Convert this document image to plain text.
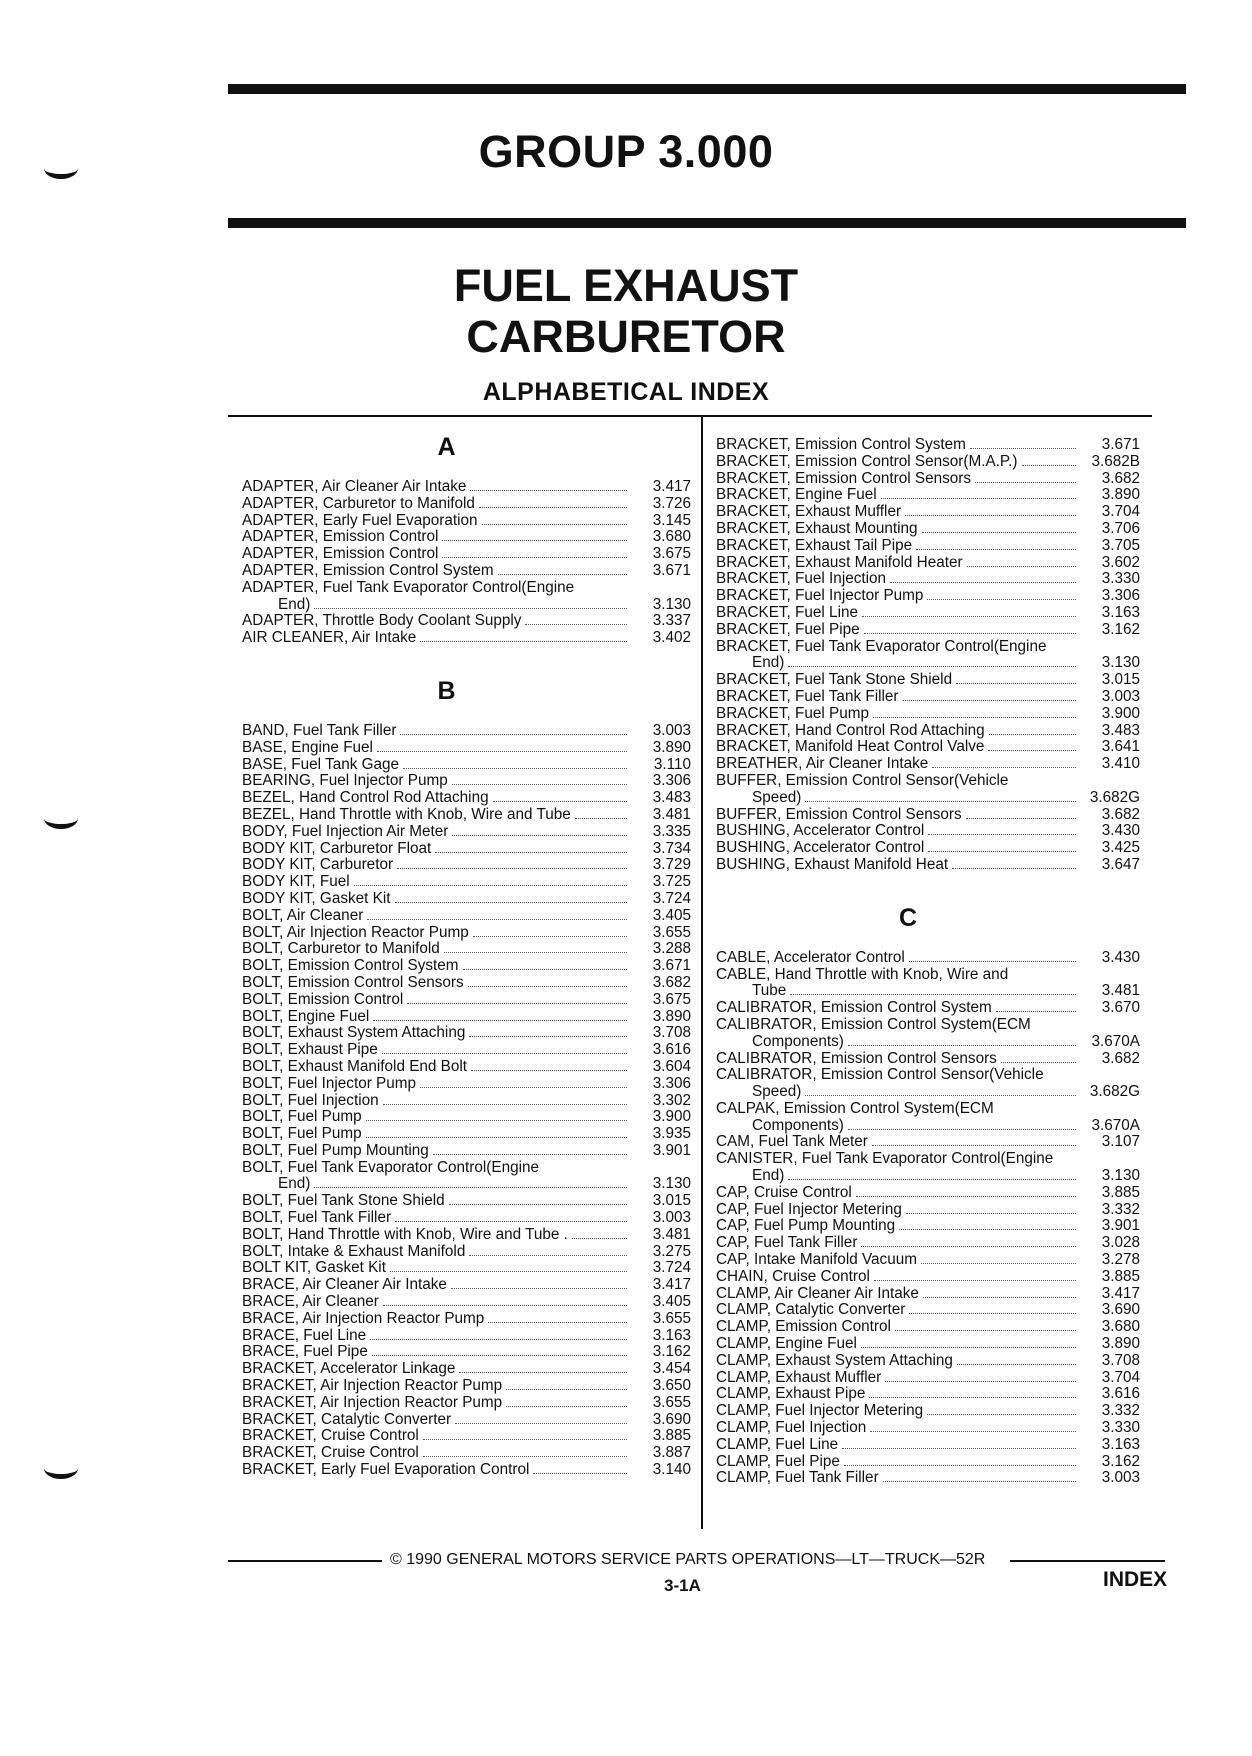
GROUP 3.000
FUEL EXHAUST
CARBURETOR
ALPHABETICAL INDEX
A
ADAPTER, Air Cleaner Air Intake	3.417
ADAPTER, Carburetor to Manifold	3.726
ADAPTER, Early Fuel Evaporation	3.145
ADAPTER, Emission Control	3.680
ADAPTER, Emission Control	3.675
ADAPTER, Emission Control System	3.671
ADAPTER, Fuel Tank Evaporator Control(Engine
End)	3.130
ADAPTER, Throttle Body Coolant Supply	3.337
AIR CLEANER, Air Intake	3.402
B
BAND, Fuel Tank Filler	3.003
BASE, Engine Fuel	3.890
BASE, Fuel Tank Gage	3.110
BEARING, Fuel Injector Pump	3.306
BEZEL, Hand Control Rod Attaching	3.483
BEZEL, Hand Throttle with Knob, Wire and Tube	3.481
BODY, Fuel Injection Air Meter	3.335
BODY KIT, Carburetor Float	3.734
BODY KIT, Carburetor	3.729
BODY KIT, Fuel	3.725
BODY KIT, Gasket Kit	3.724
BOLT, Air Cleaner	3.405
BOLT, Air Injection Reactor Pump	3.655
BOLT, Carburetor to Manifold	3.288
BOLT, Emission Control System	3.671
BOLT, Emission Control Sensors	3.682
BOLT, Emission Control	3.675
BOLT, Engine Fuel	3.890
BOLT, Exhaust System Attaching	3.708
BOLT, Exhaust Pipe	3.616
BOLT, Exhaust Manifold End Bolt	3.604
BOLT, Fuel Injector Pump	3.306
BOLT, Fuel Injection	3.302
BOLT, Fuel Pump	3.900
BOLT, Fuel Pump	3.935
BOLT, Fuel Pump Mounting	3.901
BOLT, Fuel Tank Evaporator Control(Engine
End)	3.130
BOLT, Fuel Tank Stone Shield	3.015
BOLT, Fuel Tank Filler	3.003
BOLT, Hand Throttle with Knob, Wire and Tube .	3.481
BOLT, Intake & Exhaust Manifold	3.275
BOLT KIT, Gasket Kit	3.724
BRACE, Air Cleaner Air Intake	3.417
BRACE, Air Cleaner	3.405
BRACE, Air Injection Reactor Pump	3.655
BRACE, Fuel Line	3.163
BRACE, Fuel Pipe	3.162
BRACKET, Accelerator Linkage	3.454
BRACKET, Air Injection Reactor Pump	3.650
BRACKET, Air Injection Reactor Pump	3.655
BRACKET, Catalytic Converter	3.690
BRACKET, Cruise Control	3.885
BRACKET, Cruise Control	3.887
BRACKET, Early Fuel Evaporation Control	3.140
BRACKET, Emission Control System	3.671
BRACKET, Emission Control Sensor(M.A.P.)	3.682B
BRACKET, Emission Control Sensors	3.682
BRACKET, Engine Fuel	3.890
BRACKET, Exhaust Muffler	3.704
BRACKET, Exhaust Mounting	3.706
BRACKET, Exhaust Tail Pipe	3.705
BRACKET, Exhaust Manifold Heater	3.602
BRACKET, Fuel Injection	3.330
BRACKET, Fuel Injector Pump	3.306
BRACKET, Fuel Line	3.163
BRACKET, Fuel Pipe	3.162
BRACKET, Fuel Tank Evaporator Control(Engine
End)	3.130
BRACKET, Fuel Tank Stone Shield	3.015
BRACKET, Fuel Tank Filler	3.003
BRACKET, Fuel Pump	3.900
BRACKET, Hand Control Rod Attaching	3.483
BRACKET, Manifold Heat Control Valve	3.641
BREATHER, Air Cleaner Intake	3.410
BUFFER, Emission Control Sensor(Vehicle
Speed)	3.682G
BUFFER, Emission Control Sensors	3.682
BUSHING, Accelerator Control	3.430
BUSHING, Accelerator Control	3.425
BUSHING, Exhaust Manifold Heat	3.647
C
CABLE, Accelerator Control	3.430
CABLE, Hand Throttle with Knob, Wire and
Tube	3.481
CALIBRATOR, Emission Control System	3.670
CALIBRATOR, Emission Control System(ECM
Components)	3.670A
CALIBRATOR, Emission Control Sensors	3.682
CALIBRATOR, Emission Control Sensor(Vehicle
Speed)	3.682G
CALPAK, Emission Control System(ECM
Components)	3.670A
CAM, Fuel Tank Meter	3.107
CANISTER, Fuel Tank Evaporator Control(Engine
End)	3.130
CAP, Cruise Control	3.885
CAP, Fuel Injector Metering	3.332
CAP, Fuel Pump Mounting	3.901
CAP, Fuel Tank Filler	3.028
CAP, Intake Manifold Vacuum	3.278
CHAIN, Cruise Control	3.885
CLAMP, Air Cleaner Air Intake	3.417
CLAMP, Catalytic Converter	3.690
CLAMP, Emission Control	3.680
CLAMP, Engine Fuel	3.890
CLAMP, Exhaust System Attaching	3.708
CLAMP, Exhaust Muffler	3.704
CLAMP, Exhaust Pipe	3.616
CLAMP, Fuel Injector Metering	3.332
CLAMP, Fuel Injection	3.330
CLAMP, Fuel Line	3.163
CLAMP, Fuel Pipe	3.162
CLAMP, Fuel Tank Filler	3.003
© 1990 GENERAL MOTORS SERVICE PARTS OPERATIONS—LT—TRUCK—52R
3-1A	INDEX
